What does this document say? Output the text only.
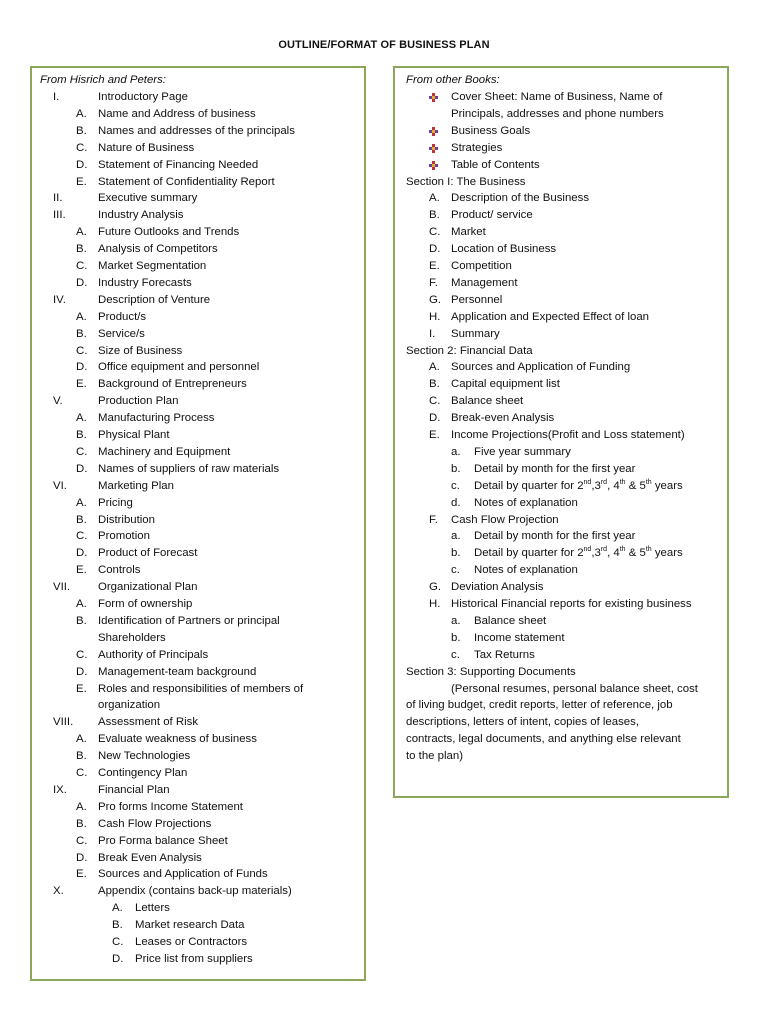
OUTLINE/FORMAT OF BUSINESS PLAN
From Hisrich and Peters:
I.	Introductory Page
A. Name and Address of business
B. Names and addresses of the principals
C. Nature of Business
D. Statement of Financing Needed
E. Statement of Confidentiality Report
II.	Executive summary
III.	Industry Analysis
A. Future Outlooks and Trends
B. Analysis of Competitors
C. Market Segmentation
D. Industry Forecasts
IV.	Description of Venture
A. Product/s
B. Service/s
C. Size of Business
D. Office equipment and personnel
E. Background of Entrepreneurs
V.	Production Plan
A. Manufacturing Process
B. Physical Plant
C. Machinery and Equipment
D. Names of suppliers of raw materials
VI.	Marketing Plan
A. Pricing
B. Distribution
C. Promotion
D. Product of Forecast
E. Controls
VII. Organizational Plan
A. Form of ownership
B. Identification of Partners or principal
Shareholders
C. Authority of Principals
D. Management-team background
E. Roles and responsibilities of members of
organization
VIII. Assessment of Risk
A. Evaluate weakness of business
B. New Technologies
C. Contingency Plan
IX.	Financial Plan
A. Pro forms Income Statement
B. Cash Flow Projections
C. Pro Forma balance Sheet
D. Break Even Analysis
E. Sources and Application of Funds
X.	Appendix (contains back-up materials)
A. Letters
B. Market research Data
C. Leases or Contractors
D. Price list from suppliers
From other Books:
Cover Sheet: Name of Business, Name of
Principals, addresses and phone numbers
Business Goals
Strategies
Table of Contents
Section I: The Business
A. Description of the Business
B. Product/ service
C. Market
D. Location of Business
E. Competition
F. Management
G. Personnel
H. Application and Expected Effect of loan
I. Summary
Section 2: Financial Data
A. Sources and Application of Funding
B. Capital equipment list
C. Balance sheet
D. Break-even Analysis
E. Income Projections(Profit and Loss statement)
a. Five year summary
b. Detail by month for the first year
c. Detail by quarter for 2nd,3rd, 4th & 5th years
d. Notes of explanation
F. Cash Flow Projection
a. Detail by month for the first year
b. Detail by quarter for 2nd,3rd, 4th & 5th years
c. Notes of explanation
G. Deviation Analysis
H. Historical Financial reports for existing business
a. Balance sheet
b. Income statement
c. Tax Returns
Section 3: Supporting Documents
(Personal resumes, personal balance sheet, cost
of living budget, credit reports, letter of reference, job
descriptions, letters of intent, copies of leases,
contracts, legal documents, and anything else relevant
to the plan)
